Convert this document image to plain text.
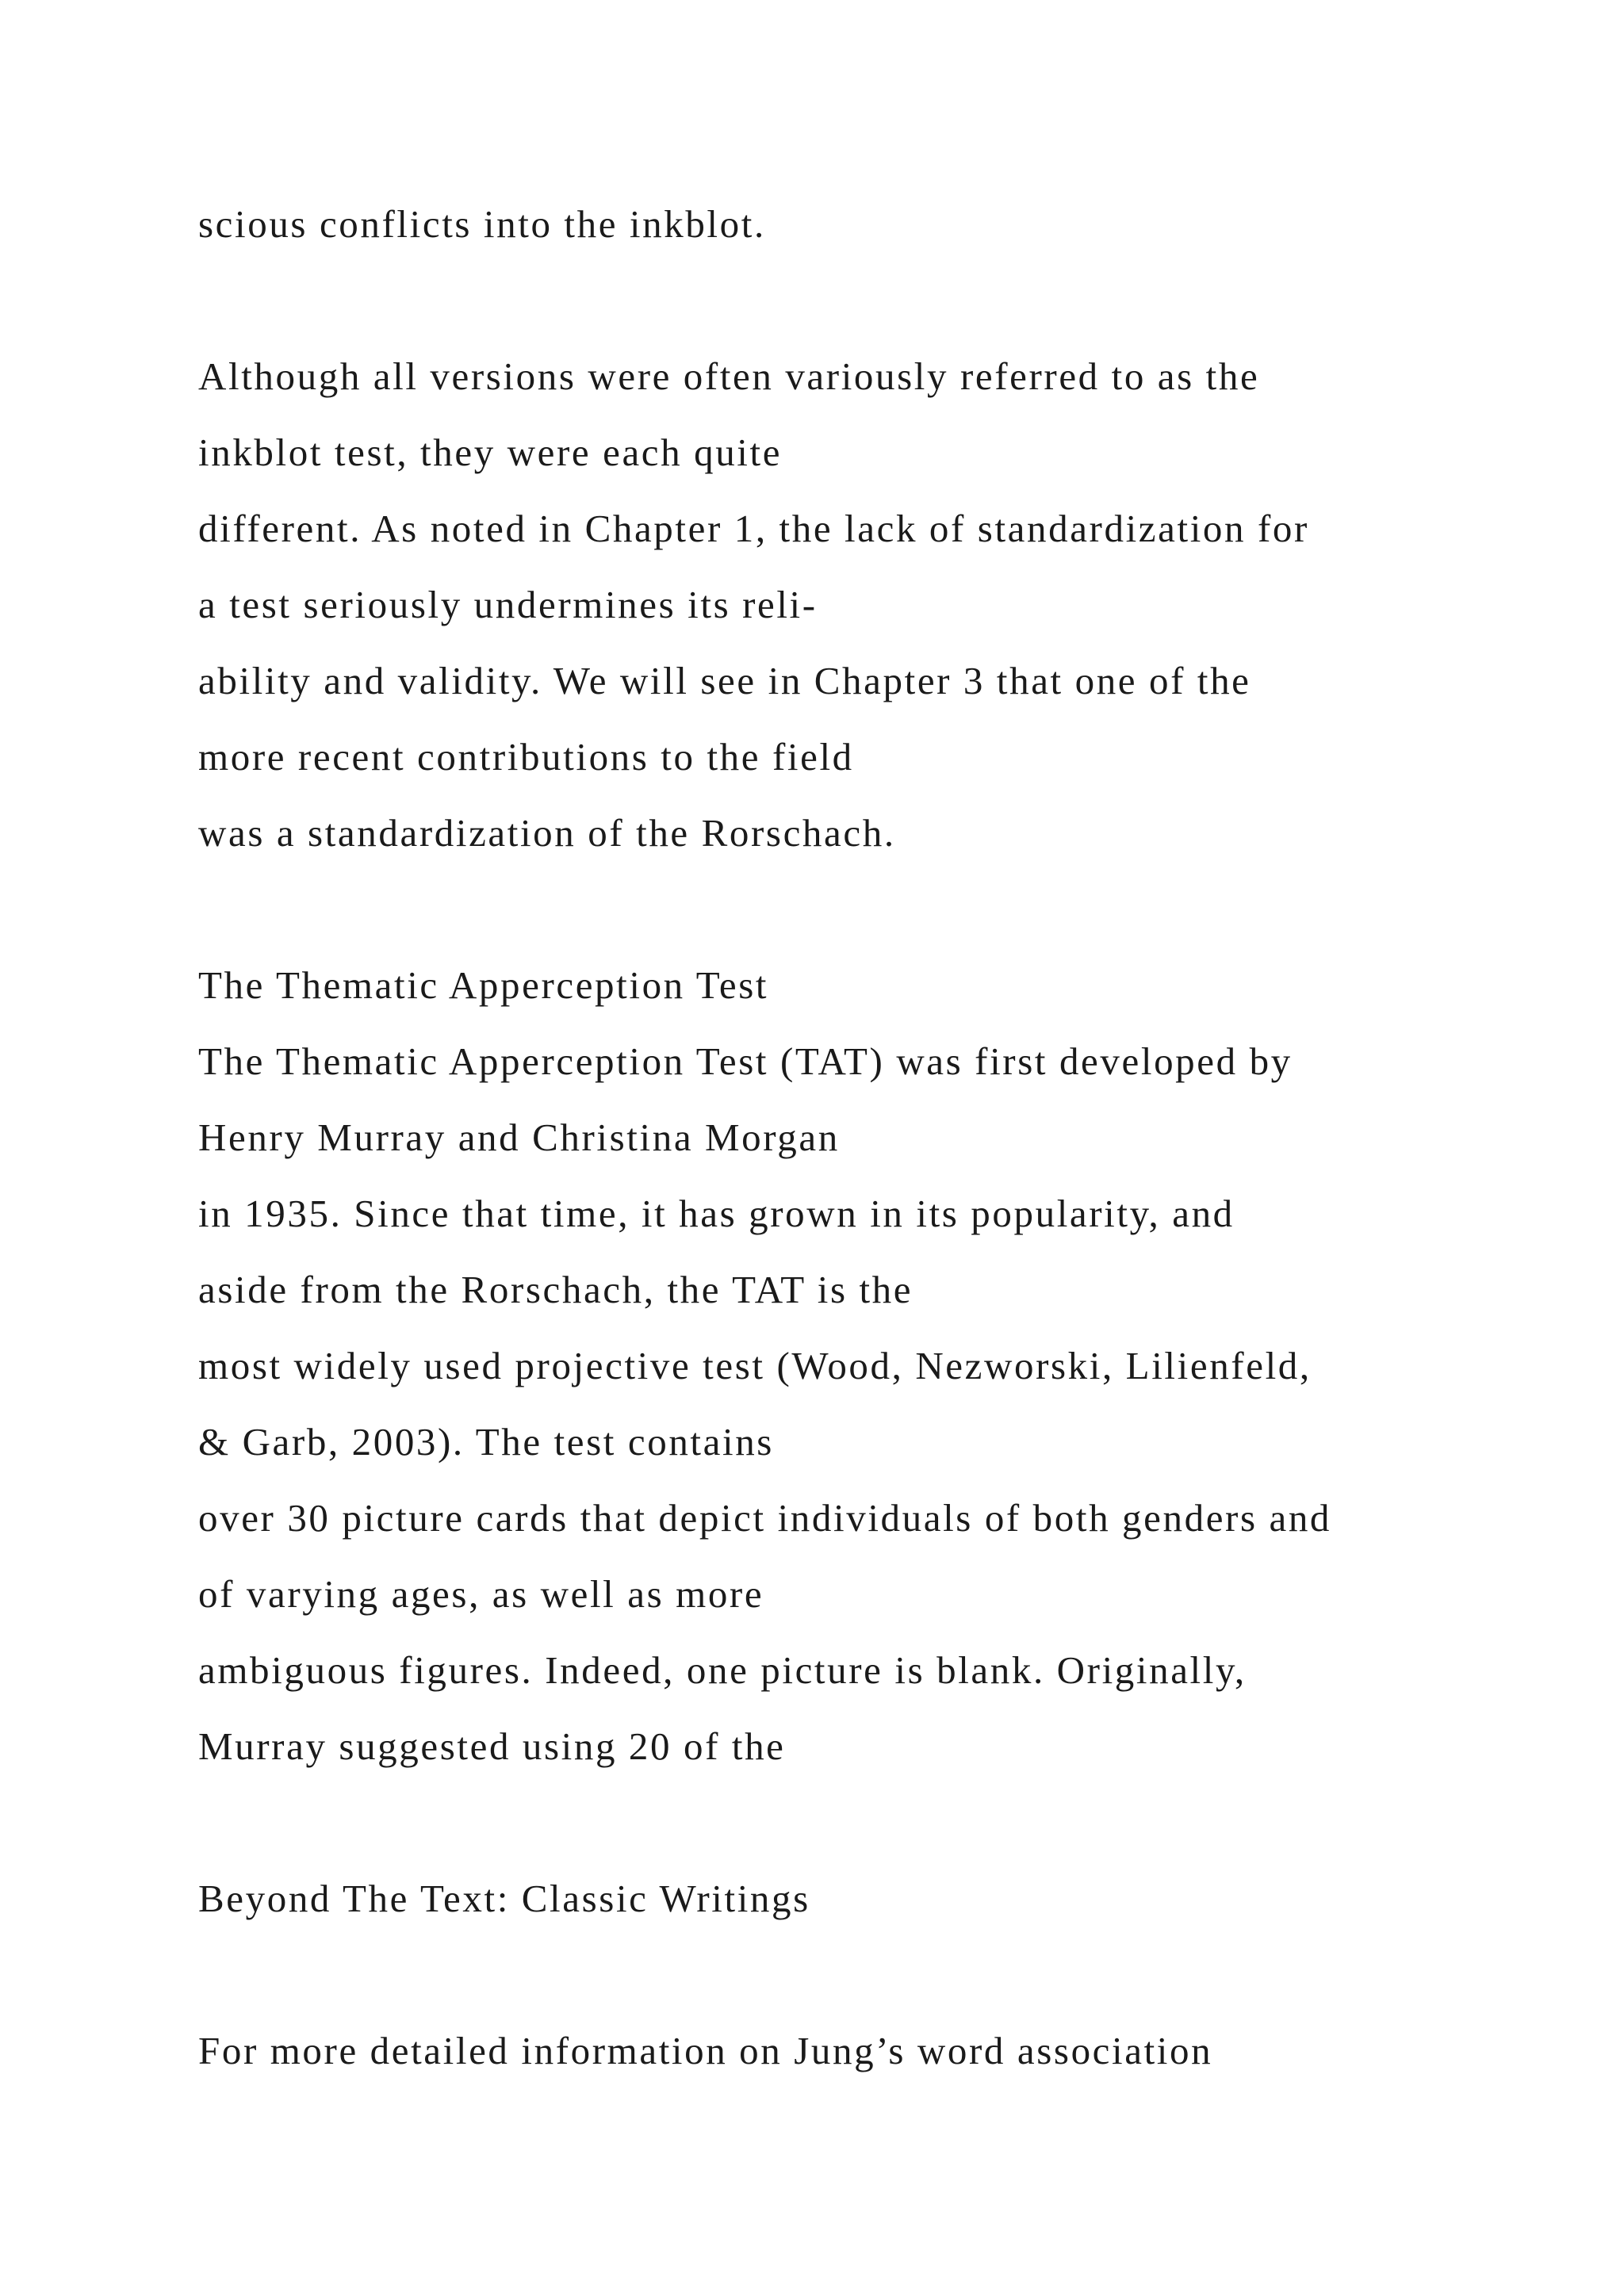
scious conflicts into the inkblot.
Although all versions were often variously referred to as the
inkblot test, they were each quite
different. As noted in Chapter 1, the lack of standardization for
a test seriously undermines its reli-
ability and validity. We will see in Chapter 3 that one of the
more recent contributions to the field
was a standardization of the Rorschach.
The Thematic Apperception Test
The Thematic Apperception Test (TAT) was first developed by
Henry Murray and Christina Morgan
in 1935. Since that time, it has grown in its popularity, and
aside from the Rorschach, the TAT is the
most widely used projective test (Wood, Nezworski, Lilienfeld,
& Garb, 2003). The test contains
over 30 picture cards that depict individuals of both genders and
of varying ages, as well as more
ambiguous figures. Indeed, one picture is blank. Originally,
Murray suggested using 20 of the
Beyond The Text: Classic Writings
For more detailed information on Jung’s word association
